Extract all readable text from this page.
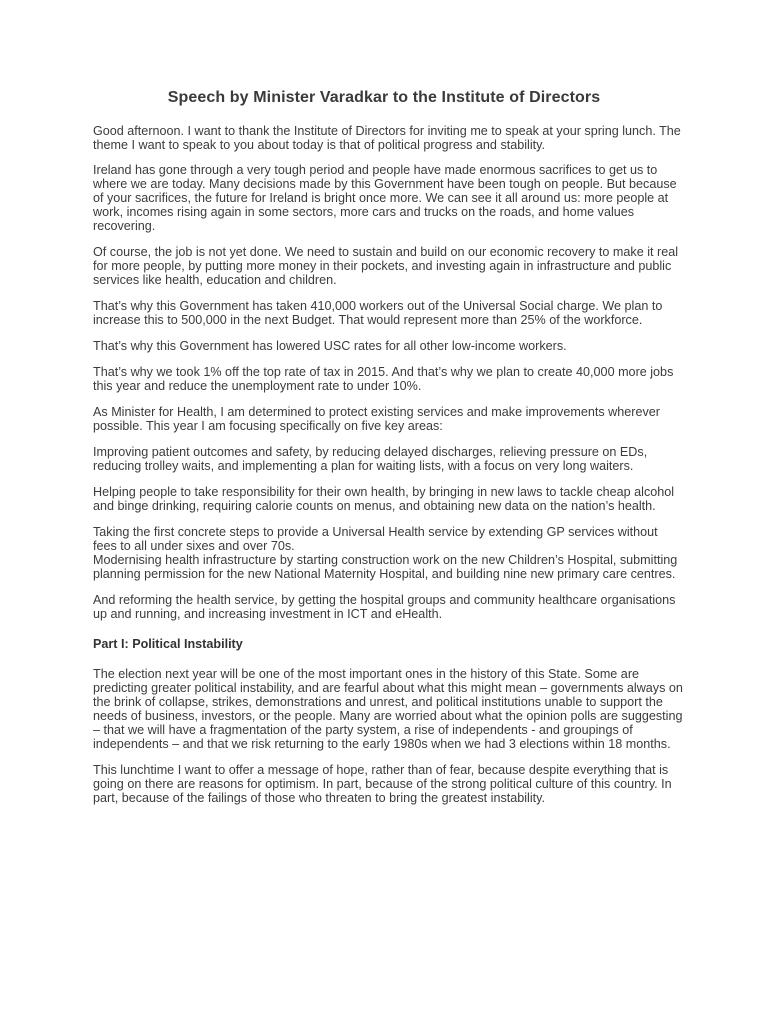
Speech by Minister Varadkar to the Institute of Directors

Good afternoon. I want to thank the Institute of Directors for inviting me to speak at your spring lunch. The theme I want to speak to you about today is that of political progress and stability.

Ireland has gone through a very tough period and people have made enormous sacrifices to get us to where we are today. Many decisions made by this Government have been tough on people. But because of your sacrifices, the future for Ireland is bright once more. We can see it all around us: more people at work, incomes rising again in some sectors, more cars and trucks on the roads, and home values recovering.

Of course, the job is not yet done. We need to sustain and build on our economic recovery to make it real for more people, by putting more money in their pockets, and investing again in infrastructure and public services like health, education and children.

That’s why this Government has taken 410,000 workers out of the Universal Social charge. We plan to increase this to 500,000 in the next Budget. That would represent more than 25% of the workforce.

That’s why this Government has lowered USC rates for all other low-income workers.

That’s why we took 1% off the top rate of tax in 2015. And that’s why we plan to create 40,000 more jobs this year and reduce the unemployment rate to under 10%.

As Minister for Health, I am determined to protect existing services and make improvements wherever possible. This year I am focusing specifically on five key areas:

Improving patient outcomes and safety, by reducing delayed discharges, relieving pressure on EDs, reducing trolley waits, and implementing a plan for waiting lists, with a focus on very long waiters.

Helping people to take responsibility for their own health, by bringing in new laws to tackle cheap alcohol and binge drinking, requiring calorie counts on menus, and obtaining new data on the nation’s health.

Taking the first concrete steps to provide a Universal Health service by extending GP services without fees to all under sixes and over 70s.

Modernising health infrastructure by starting construction work on the new Children’s Hospital, submitting planning permission for the new National Maternity Hospital, and building nine new primary care centres.

And reforming the health service, by getting the hospital groups and community healthcare organisations up and running, and increasing investment in ICT and eHealth.

Part I: Political Instability

The election next year will be one of the most important ones in the history of this State. Some are predicting greater political instability, and are fearful about what this might mean – governments always on the brink of collapse, strikes, demonstrations and unrest, and political institutions unable to support the needs of business, investors, or the people. Many are worried about what the opinion polls are suggesting – that we will have a fragmentation of the party system, a rise of independents - and groupings of independents – and that we risk returning to the early 1980s when we had 3 elections within 18 months.

This lunchtime I want to offer a message of hope, rather than of fear, because despite everything that is going on there are reasons for optimism. In part, because of the strong political culture of this country. In part, because of the failings of those who threaten to bring the greatest instability.
